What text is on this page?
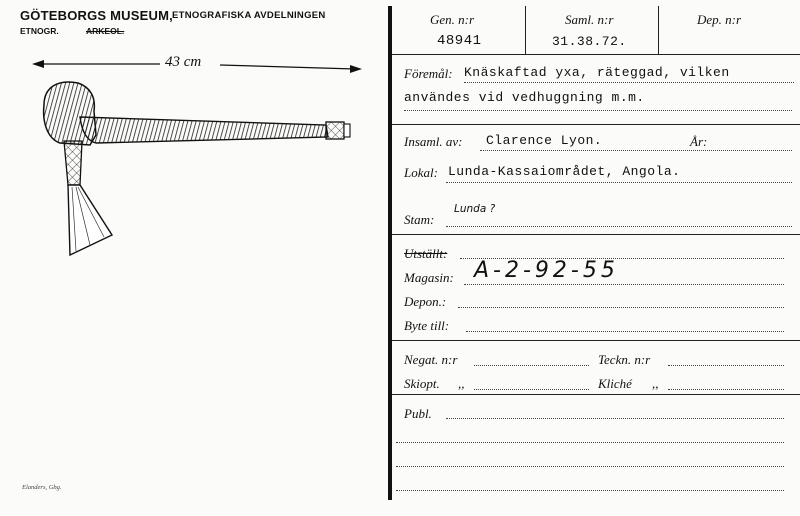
GÖTEBORGS MUSEUM, ETNOGRAFISKA AVDELNINGEN
ETNOGR.	ARKEOL.
43 cm
Elanders, Gbg.
Gen. n:r
48941
Saml. n:r
31.38.72.
Dep. n:r
Föremål: Knäskaftad yxa, räteggad, vilken
användes vid vedhuggning m.m.
Insaml. av: Clarence Lyon.	År:
Lokal: Lunda-Kassaiområdet, Angola.
Stam:
Lunda ?
Utställt:
Magasin: A-2-92-55
Depon.:
Byte till:
Negat. n:r	Teckn. n:r
Skiopt. ,,	Kliché ,,
Publ.
